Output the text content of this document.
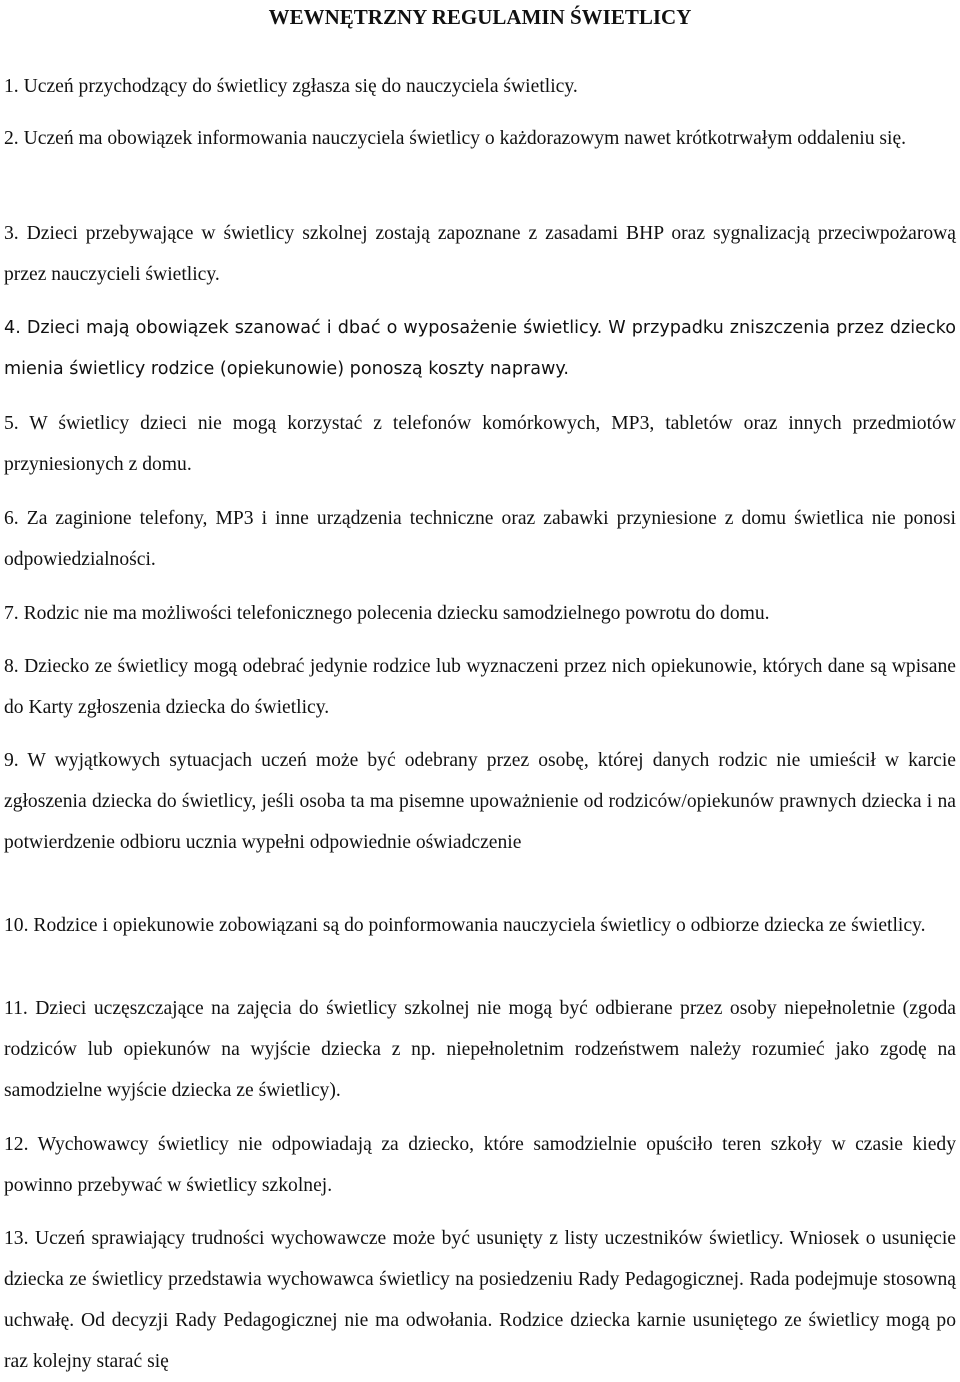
WEWNĘTRZNY REGULAMIN ŚWIETLICY

1. Uczeń przychodzący do świetlicy zgłasza się do nauczyciela świetlicy.

2. Uczeń ma obowiązek informowania nauczyciela świetlicy o każdorazowym nawet krótkotrwałym oddaleniu się.

3. Dzieci przebywające w świetlicy szkolnej zostają zapoznane z zasadami BHP oraz sygnalizacją przeciwpożarową przez nauczycieli świetlicy.

4. Dzieci mają obowiązek szanować i dbać o wyposażenie świetlicy. W przypadku zniszczenia przez dziecko mienia świetlicy rodzice (opiekunowie) ponoszą koszty naprawy.

5. W świetlicy dzieci nie mogą korzystać z telefonów komórkowych, MP3, tabletów oraz innych przedmiotów przyniesionych z domu.

6. Za zaginione telefony, MP3 i inne urządzenia techniczne oraz zabawki przyniesione z domu świetlica nie ponosi odpowiedzialności.

7. Rodzic nie ma możliwości telefonicznego polecenia dziecku samodzielnego powrotu do domu.

8. Dziecko ze świetlicy mogą odebrać jedynie rodzice lub wyznaczeni przez nich opiekunowie, których dane są wpisane do Karty zgłoszenia dziecka do świetlicy.

9. W wyjątkowych sytuacjach uczeń może być odebrany przez osobę, której danych rodzic nie umieścił w karcie zgłoszenia dziecka do świetlicy, jeśli osoba ta ma pisemne upoważnienie od rodziców/opiekunów prawnych dziecka i na potwierdzenie odbioru ucznia wypełni odpowiednie oświadczenie

10. Rodzice i opiekunowie zobowiązani są do poinformowania nauczyciela świetlicy o odbiorze dziecka ze świetlicy.

11. Dzieci uczęszczające na zajęcia do świetlicy szkolnej nie mogą być odbierane przez osoby niepełnoletnie (zgoda rodziców lub opiekunów na wyjście dziecka z np. niepełnoletnim rodzeństwem należy rozumieć jako zgodę na samodzielne wyjście dziecka ze świetlicy).

12. Wychowawcy świetlicy nie odpowiadają za dziecko, które samodzielnie opuściło teren szkoły w czasie kiedy powinno przebywać w świetlicy szkolnej.

13. Uczeń sprawiający trudności wychowawcze może być usunięty z listy uczestników świetlicy. Wniosek o usunięcie dziecka ze świetlicy przedstawia wychowawca świetlicy na posiedzeniu Rady Pedagogicznej. Rada podejmuje stosowną uchwałę. Od decyzji Rady Pedagogicznej nie ma odwołania. Rodzice dziecka karnie usuniętego ze świetlicy mogą po raz kolejny starać się
